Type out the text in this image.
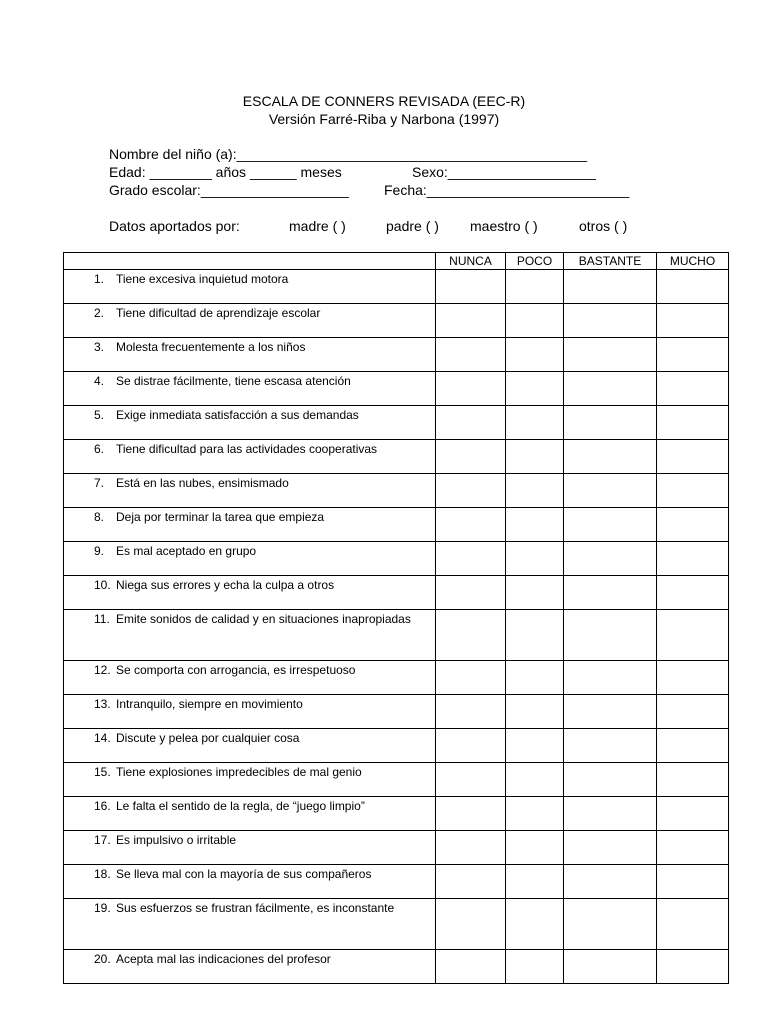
ESCALA DE CONNERS REVISADA (EEC-R)
Versión Farré-Riba y Narbona (1997)
Nombre del niño (a):_____________________________________________
Edad: ________ años ______ meses	Sexo:___________________
Grado escolar:___________________	Fecha:__________________________
Datos aportados por:	madre ( )	padre ( ) maestro ( )	otros ( )
	NUNCA	POCO	BASTANTE	MUCHO

1. Tiene excesiva inquietud motora				

2. Tiene dificultad de aprendizaje escolar				

3. Molesta frecuentemente a los niños				

4. Se distrae fácilmente, tiene escasa atención				

5. Exige inmediata satisfacción a sus demandas				

6. Tiene dificultad para las actividades cooperativas				

7. Está en las nubes, ensimismado				

8. Deja por terminar la tarea que empieza				

9. Es mal aceptado en grupo				

10. Niega sus errores y echa la culpa a otros				

11. Emite sonidos de calidad y en situaciones inapropiadas				

12. Se comporta con arrogancia, es irrespetuoso				

13. Intranquilo, siempre en movimiento				

14. Discute y pelea por cualquier cosa				

15. Tiene explosiones impredecibles de mal genio				

16. Le falta el sentido de la regla, de “juego limpio”				

17. Es impulsivo o irritable				

18. Se lleva mal con la mayoría de sus compañeros				

19. Sus esfuerzos se frustran fácilmente, es inconstante				

20. Acepta mal las indicaciones del profesor				
